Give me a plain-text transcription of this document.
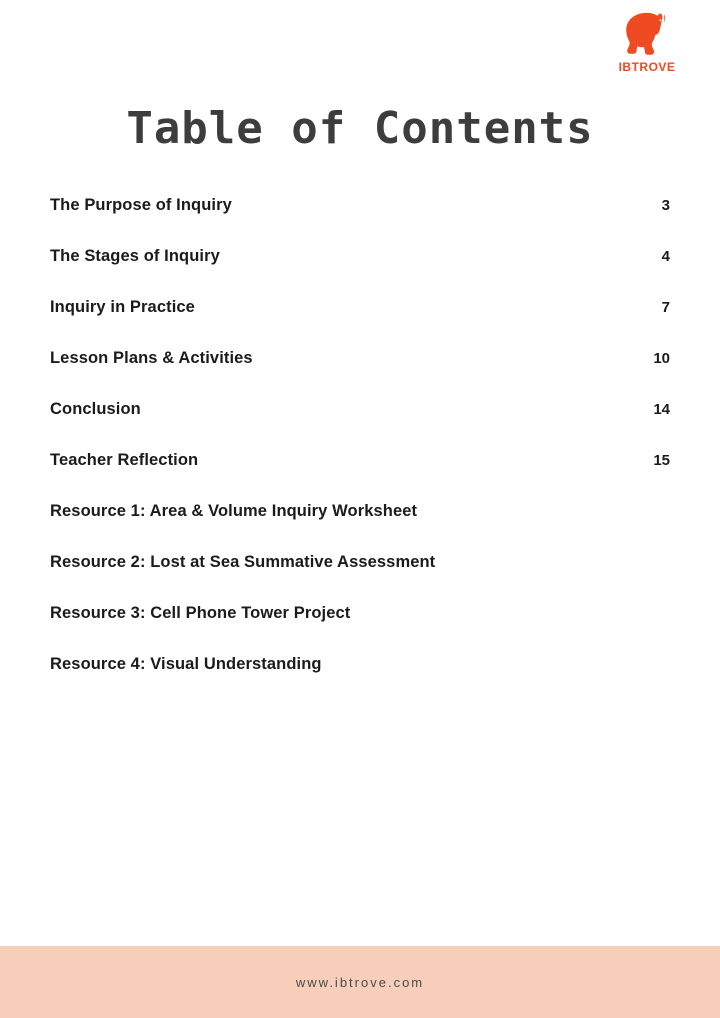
IBTROVE
Table of Contents
The Purpose of Inquiry	3
The Stages of Inquiry	4
Inquiry in Practice	7
Lesson Plans & Activities	10
Conclusion	14
Teacher Reflection	15
Resource 1: Area & Volume Inquiry Worksheet
Resource 2: Lost at Sea Summative Assessment
Resource 3: Cell Phone Tower Project
Resource 4: Visual Understanding
www.ibtrove.com
